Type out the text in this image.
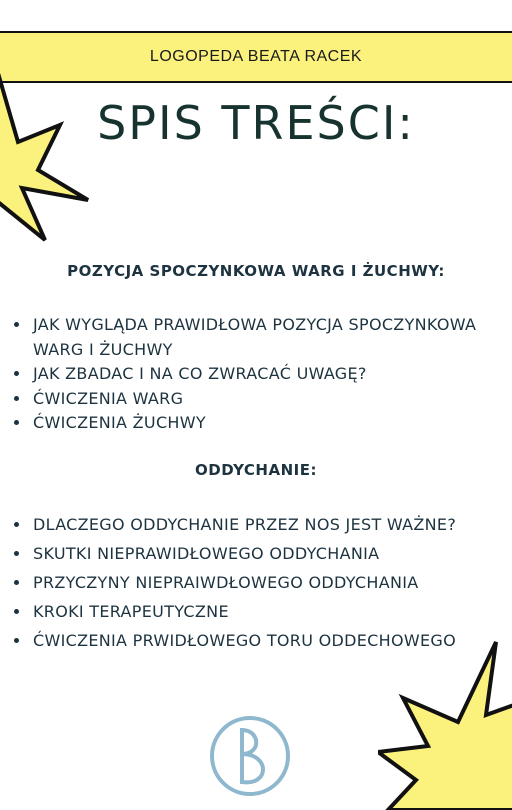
LOGOPEDA BEATA RACEK
SPIS TREŚCI:
POZYCJA SPOCZYNKOWA WARG I ŻUCHWY:
JAK WYGLĄDA PRAWIDŁOWA POZYCJA SPOCZYNKOWA WARG I ŻUCHWY
JAK ZBADAC I NA CO ZWRACAĆ UWAGĘ?
ĆWICZENIA WARG
ĆWICZENIA ŻUCHWY
ODDYCHANIE:
DLACZEGO ODDYCHANIE PRZEZ NOS JEST WAŻNE?
SKUTKI NIEPRAWIDŁOWEGO ODDYCHANIA
PRZYCZYNY NIEPRAIWDŁOWEGO ODDYCHANIA
KROKI TERAPEUTYCZNE
ĆWICZENIA PRWIDŁOWEGO TORU ODDECHOWEGO
